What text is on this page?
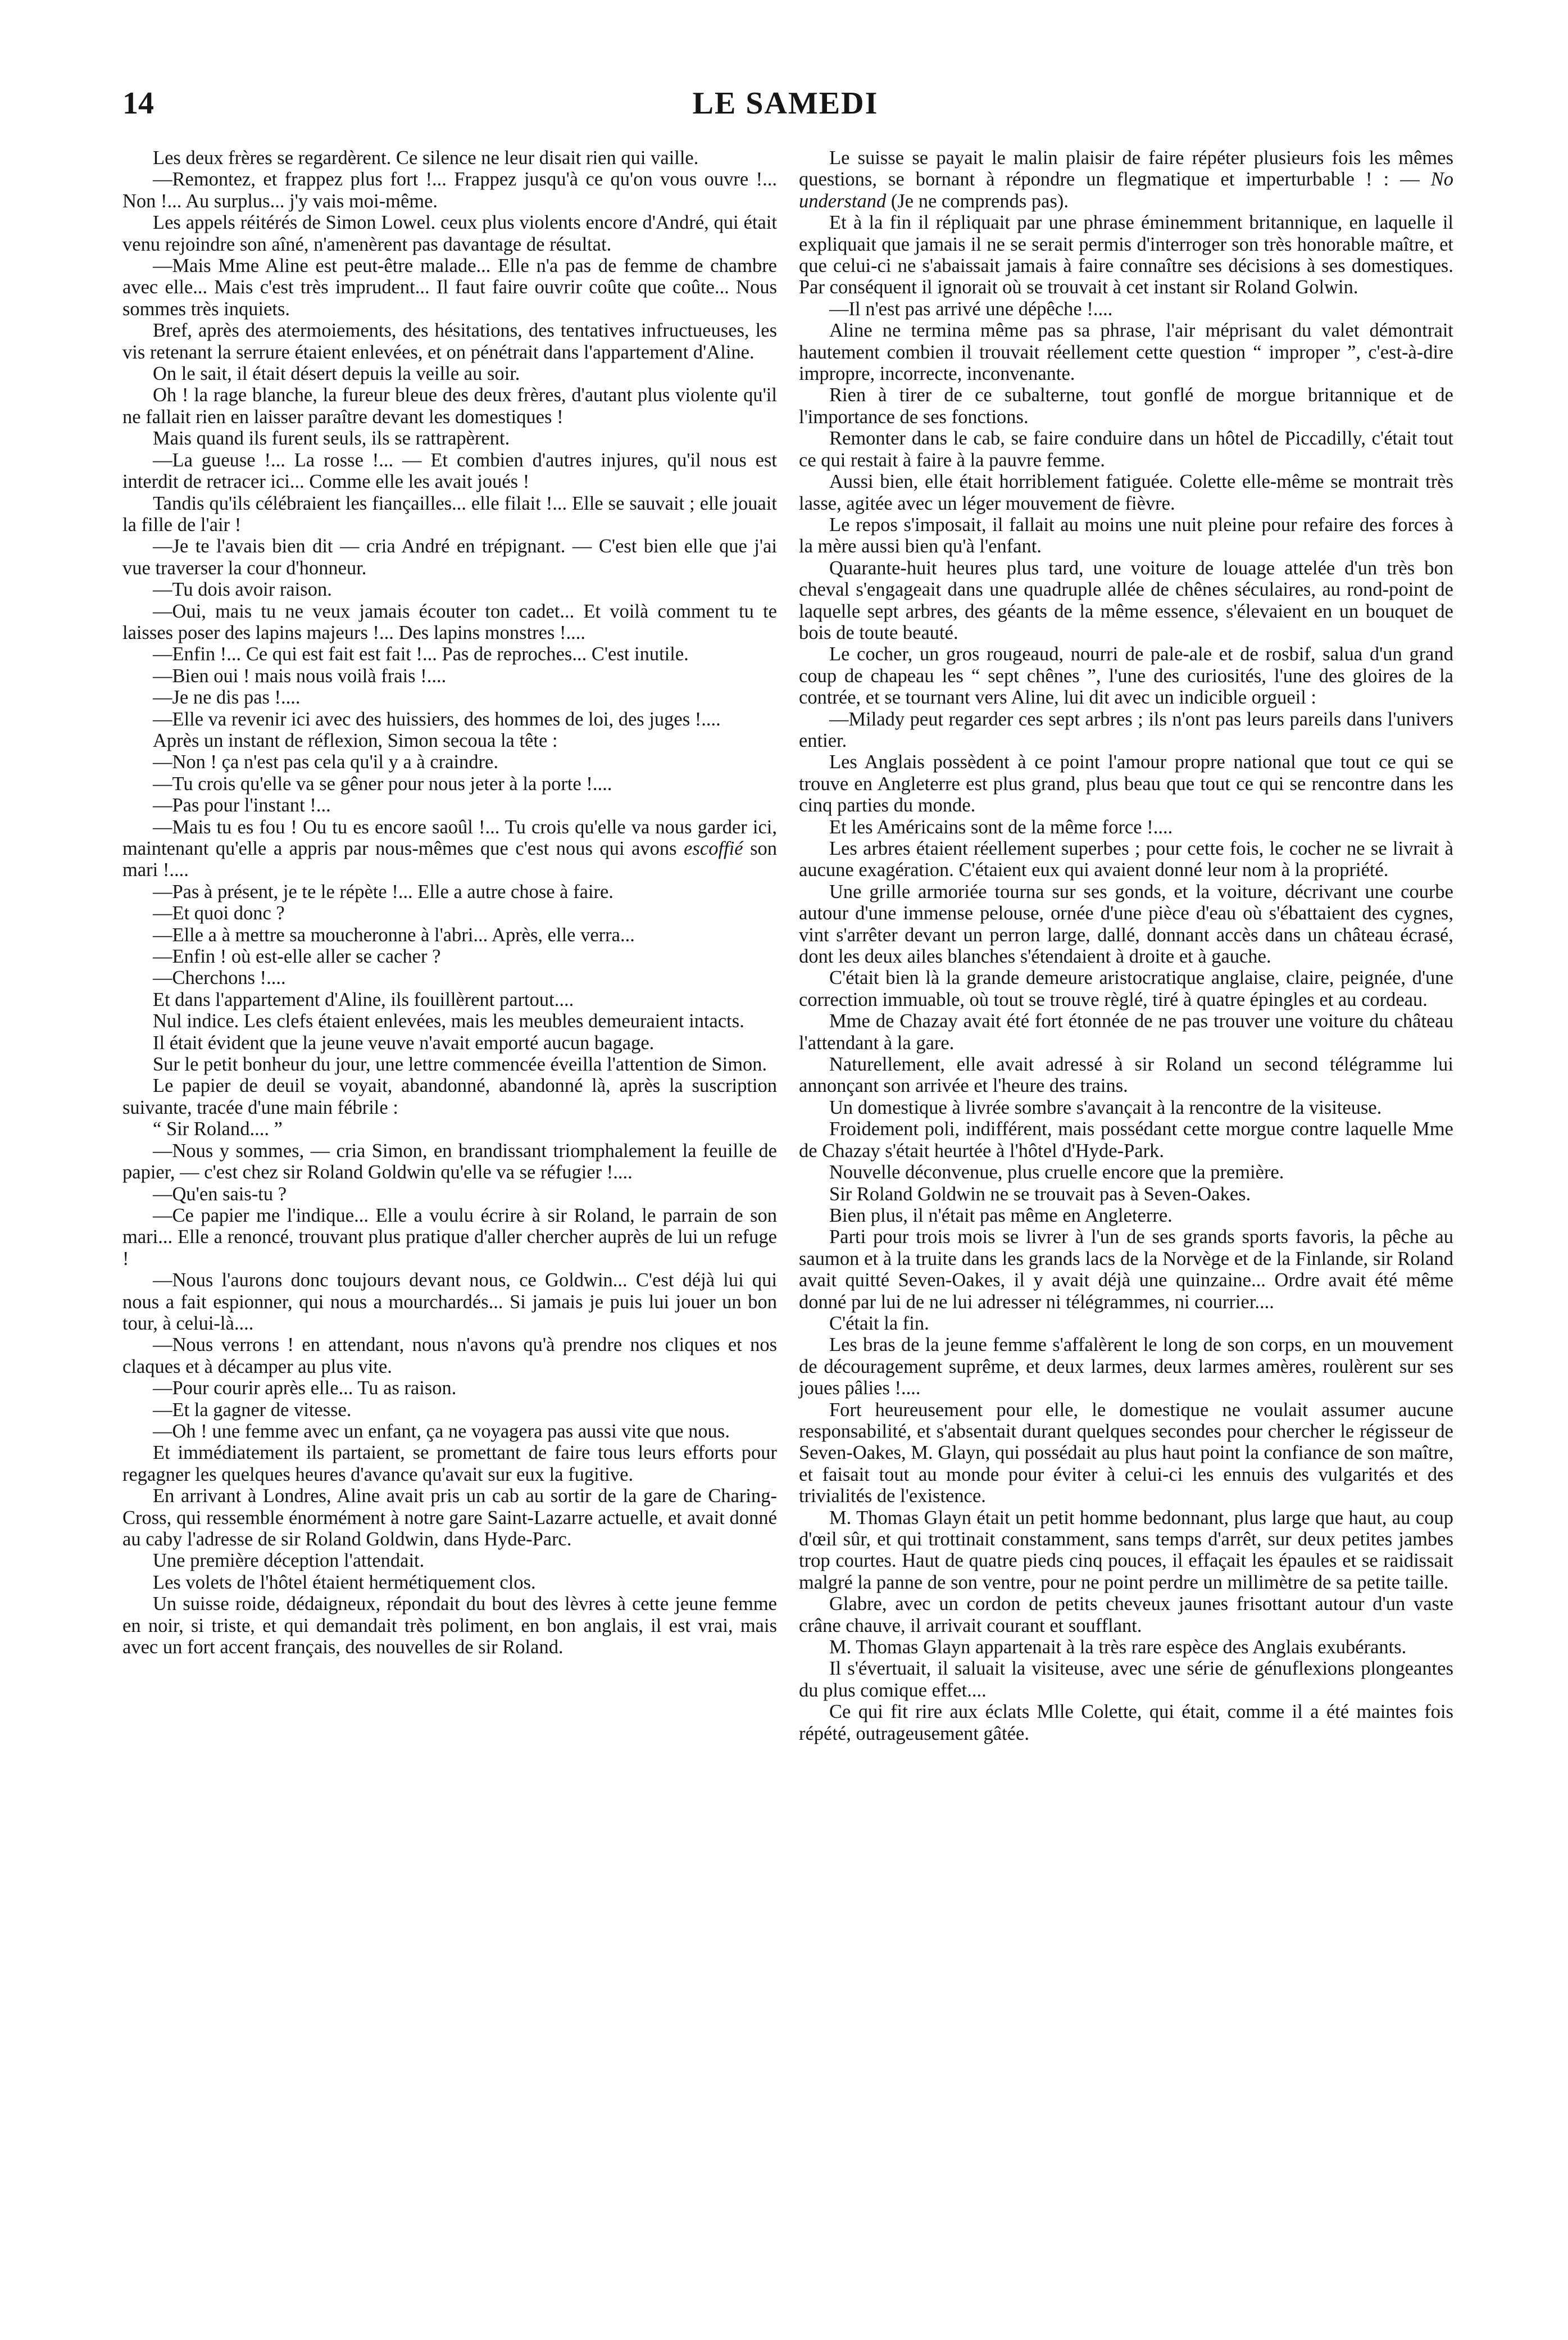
14	LE SAMEDI

Les deux frères se regardèrent. Ce silence ne leur disait rien qui vaille.

—Remontez, et frappez plus fort !... Frappez jusqu'à ce qu'on vous ouvre !... Non !... Au surplus... j'y vais moi-même.

Les appels réitérés de Simon Lowel. ceux plus violents encore d'André, qui était venu rejoindre son aîné, n'amenèrent pas davantage de résultat.

—Mais Mme Aline est peut-être malade... Elle n'a pas de femme de chambre avec elle... Mais c'est très imprudent... Il faut faire ouvrir coûte que coûte... Nous sommes très inquiets.

Bref, après des atermoiements, des hésitations, des tentatives infructueuses, les vis retenant la serrure étaient enlevées, et on pénétrait dans l'appartement d'Aline.

On le sait, il était désert depuis la veille au soir.

Oh ! la rage blanche, la fureur bleue des deux frères, d'autant plus violente qu'il ne fallait rien en laisser paraître devant les domestiques !

Mais quand ils furent seuls, ils se rattrapèrent.

—La gueuse !... La rosse !... — Et combien d'autres injures, qu'il nous est interdit de retracer ici... Comme elle les avait joués !

Tandis qu'ils célébraient les fiançailles... elle filait !... Elle se sauvait ; elle jouait la fille de l'air !

—Je te l'avais bien dit — cria André en trépignant. — C'est bien elle que j'ai vue traverser la cour d'honneur.

—Tu dois avoir raison.

—Oui, mais tu ne veux jamais écouter ton cadet... Et voilà comment tu te laisses poser des lapins majeurs !... Des lapins monstres !....

—Enfin !... Ce qui est fait est fait !... Pas de reproches... C'est inutile.

—Bien oui ! mais nous voilà frais !....

—Je ne dis pas !....

—Elle va revenir ici avec des huissiers, des hommes de loi, des juges !....

Après un instant de réflexion, Simon secoua la tête :

—Non ! ça n'est pas cela qu'il y a à craindre.

—Tu crois qu'elle va se gêner pour nous jeter à la porte !....

—Pas pour l'instant !...

—Mais tu es fou ! Ou tu es encore saoûl !... Tu crois qu'elle va nous garder ici, maintenant qu'elle a appris par nous-mêmes que c'est nous qui avons escoffié son mari !....

—Pas à présent, je te le répète !... Elle a autre chose à faire.

—Et quoi donc ?

—Elle a à mettre sa moucheronne à l'abri... Après, elle verra...

—Enfin ! où est-elle aller se cacher ?

—Cherchons !....

Et dans l'appartement d'Aline, ils fouillèrent partout....

Nul indice. Les clefs étaient enlevées, mais les meubles demeuraient intacts.

Il était évident que la jeune veuve n'avait emporté aucun bagage.

Sur le petit bonheur du jour, une lettre commencée éveilla l'attention de Simon.

Le papier de deuil se voyait, abandonné, abandonné là, après la suscription suivante, tracée d'une main fébrile :

“ Sir Roland.... ”

—Nous y sommes, — cria Simon, en brandissant triomphalement la feuille de papier, — c'est chez sir Roland Goldwin qu'elle va se réfugier !....

—Qu'en sais-tu ?

—Ce papier me l'indique... Elle a voulu écrire à sir Roland, le parrain de son mari... Elle a renoncé, trouvant plus pratique d'aller chercher auprès de lui un refuge !

—Nous l'aurons donc toujours devant nous, ce Goldwin... C'est déjà lui qui nous a fait espionner, qui nous a mourchardés... Si jamais je puis lui jouer un bon tour, à celui-là....

—Nous verrons ! en attendant, nous n'avons qu'à prendre nos cliques et nos claques et à décamper au plus vite.

—Pour courir après elle... Tu as raison.

—Et la gagner de vitesse.

—Oh ! une femme avec un enfant, ça ne voyagera pas aussi vite que nous.

Et immédiatement ils partaient, se promettant de faire tous leurs efforts pour regagner les quelques heures d'avance qu'avait sur eux la fugitive.

En arrivant à Londres, Aline avait pris un cab au sortir de la gare de Charing-Cross, qui ressemble énormément à notre gare Saint-Lazarre actuelle, et avait donné au caby l'adresse de sir Roland Goldwin, dans Hyde-Parc.

Une première déception l'attendait.

Les volets de l'hôtel étaient hermétiquement clos.

Un suisse roide, dédaigneux, répondait du bout des lèvres à cette jeune femme en noir, si triste, et qui demandait très poliment, en bon anglais, il est vrai, mais avec un fort accent français, des nouvelles de sir Roland.

Le suisse se payait le malin plaisir de faire répéter plusieurs fois les mêmes questions, se bornant à répondre un flegmatique et imperturbable ! : — No understand (Je ne comprends pas).

Et à la fin il répliquait par une phrase éminemment britannique, en laquelle il expliquait que jamais il ne se serait permis d'interroger son très honorable maître, et que celui-ci ne s'abaissait jamais à faire connaître ses décisions à ses domestiques. Par conséquent il ignorait où se trouvait à cet instant sir Roland Golwin.

—Il n'est pas arrivé une dépêche !....

Aline ne termina même pas sa phrase, l'air méprisant du valet démontrait hautement combien il trouvait réellement cette question “ improper ”, c'est-à-dire impropre, incorrecte, inconvenante.

Rien à tirer de ce subalterne, tout gonflé de morgue britannique et de l'importance de ses fonctions.

Remonter dans le cab, se faire conduire dans un hôtel de Piccadilly, c'était tout ce qui restait à faire à la pauvre femme.

Aussi bien, elle était horriblement fatiguée. Colette elle-même se montrait très lasse, agitée avec un léger mouvement de fièvre.

Le repos s'imposait, il fallait au moins une nuit pleine pour refaire des forces à la mère aussi bien qu'à l'enfant.

Quarante-huit heures plus tard, une voiture de louage attelée d'un très bon cheval s'engageait dans une quadruple allée de chênes séculaires, au rond-point de laquelle sept arbres, des géants de la même essence, s'élevaient en un bouquet de bois de toute beauté.

Le cocher, un gros rougeaud, nourri de pale-ale et de rosbif, salua d'un grand coup de chapeau les “ sept chênes ”, l'une des curiosités, l'une des gloires de la contrée, et se tournant vers Aline, lui dit avec un indicible orgueil :

—Milady peut regarder ces sept arbres ; ils n'ont pas leurs pareils dans l'univers entier.

Les Anglais possèdent à ce point l'amour propre national que tout ce qui se trouve en Angleterre est plus grand, plus beau que tout ce qui se rencontre dans les cinq parties du monde.

Et les Américains sont de la même force !....

Les arbres étaient réellement superbes ; pour cette fois, le cocher ne se livrait à aucune exagération. C'étaient eux qui avaient donné leur nom à la propriété.

Une grille armoriée tourna sur ses gonds, et la voiture, décrivant une courbe autour d'une immense pelouse, ornée d'une pièce d'eau où s'ébattaient des cygnes, vint s'arrêter devant un perron large, dallé, donnant accès dans un château écrasé, dont les deux ailes blanches s'étendaient à droite et à gauche.

C'était bien là la grande demeure aristocratique anglaise, claire, peignée, d'une correction immuable, où tout se trouve règlé, tiré à quatre épingles et au cordeau.

Mme de Chazay avait été fort étonnée de ne pas trouver une voiture du château l'attendant à la gare.

Naturellement, elle avait adressé à sir Roland un second télégramme lui annonçant son arrivée et l'heure des trains.

Un domestique à livrée sombre s'avançait à la rencontre de la visiteuse.

Froidement poli, indifférent, mais possédant cette morgue contre laquelle Mme de Chazay s'était heurtée à l'hôtel d'Hyde-Park.

Nouvelle déconvenue, plus cruelle encore que la première.

Sir Roland Goldwin ne se trouvait pas à Seven-Oakes.

Bien plus, il n'était pas même en Angleterre.

Parti pour trois mois se livrer à l'un de ses grands sports favoris, la pêche au saumon et à la truite dans les grands lacs de la Norvège et de la Finlande, sir Roland avait quitté Seven-Oakes, il y avait déjà une quinzaine... Ordre avait été même donné par lui de ne lui adresser ni télégrammes, ni courrier....

C'était la fin.

Les bras de la jeune femme s'affalèrent le long de son corps, en un mouvement de découragement suprême, et deux larmes, deux larmes amères, roulèrent sur ses joues pâlies !....

Fort heureusement pour elle, le domestique ne voulait assumer aucune responsabilité, et s'absentait durant quelques secondes pour chercher le régisseur de Seven-Oakes, M. Glayn, qui possédait au plus haut point la confiance de son maître, et faisait tout au monde pour éviter à celui-ci les ennuis des vulgarités et des trivialités de l'existence.

M. Thomas Glayn était un petit homme bedonnant, plus large que haut, au coup d'œil sûr, et qui trottinait constamment, sans temps d'arrêt, sur deux petites jambes trop courtes. Haut de quatre pieds cinq pouces, il effaçait les épaules et se raidissait malgré la panne de son ventre, pour ne point perdre un millimètre de sa petite taille.

Glabre, avec un cordon de petits cheveux jaunes frisottant autour d'un vaste crâne chauve, il arrivait courant et soufflant.

M. Thomas Glayn appartenait à la très rare espèce des Anglais exubérants.

Il s'évertuait, il saluait la visiteuse, avec une série de génuflexions plongeantes du plus comique effet....

Ce qui fit rire aux éclats Mlle Colette, qui était, comme il a été maintes fois répété, outrageusement gâtée.
